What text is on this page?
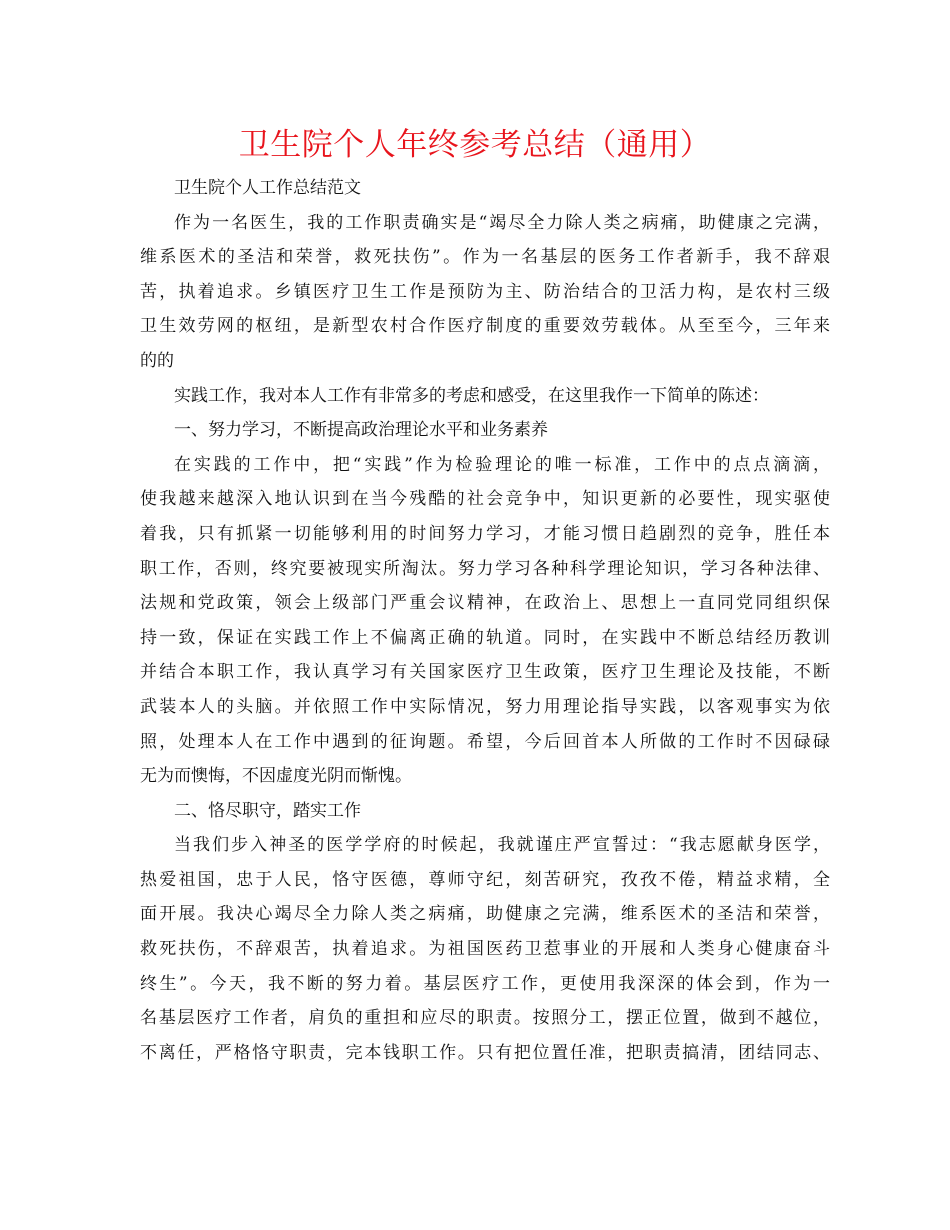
卫生院个人年终参考总结（通用）

卫生院个人工作总结范文

作为一名医生，我的工作职责确实是“竭尽全力除人类之病痛，助健康之完满，
维系医术的圣洁和荣誉，救死扶伤”。作为一名基层的医务工作者新手，我不辞艰
苦，执着追求。乡镇医疗卫生工作是预防为主、防治结合的卫活力构，是农村三级
卫生效劳网的枢纽，是新型农村合作医疗制度的重要效劳载体。从至至今，三年来
的的

实践工作，我对本人工作有非常多的考虑和感受，在这里我作一下简单的陈述：

一、努力学习，不断提高政治理论水平和业务素养

在实践的工作中，把“实践”作为检验理论的唯一标准，工作中的点点滴滴，
使我越来越深入地认识到在当今残酷的社会竞争中，知识更新的必要性，现实驱使
着我，只有抓紧一切能够利用的时间努力学习，才能习惯日趋剧烈的竞争，胜任本
职工作，否则，终究要被现实所淘汰。努力学习各种科学理论知识，学习各种法律、
法规和党政策，领会上级部门严重会议精神，在政治上、思想上一直同党同组织保
持一致，保证在实践工作上不偏离正确的轨道。同时，在实践中不断总结经历教训
并结合本职工作，我认真学习有关国家医疗卫生政策，医疗卫生理论及技能，不断
武装本人的头脑。并依照工作中实际情况，努力用理论指导实践，以客观事实为依
照，处理本人在工作中遇到的征询题。希望，今后回首本人所做的工作时不因碌碌
无为而懊悔，不因虚度光阴而惭愧。

二、恪尽职守，踏实工作

当我们步入神圣的医学学府的时候起，我就谨庄严宣誓过：“我志愿献身医学，
热爱祖国，忠于人民，恪守医德，尊师守纪，刻苦研究，孜孜不倦，精益求精，全
面开展。我决心竭尽全力除人类之病痛，助健康之完满，维系医术的圣洁和荣誉，
救死扶伤，不辞艰苦，执着追求。为祖国医药卫惹事业的开展和人类身心健康奋斗
终生”。今天，我不断的努力着。基层医疗工作，更使用我深深的体会到，作为一
名基层医疗工作者，肩负的重担和应尽的职责。按照分工，摆正位置，做到不越位，
不离任，严格恪守职责，完本钱职工作。只有把位置任准，把职责搞清，团结同志、
